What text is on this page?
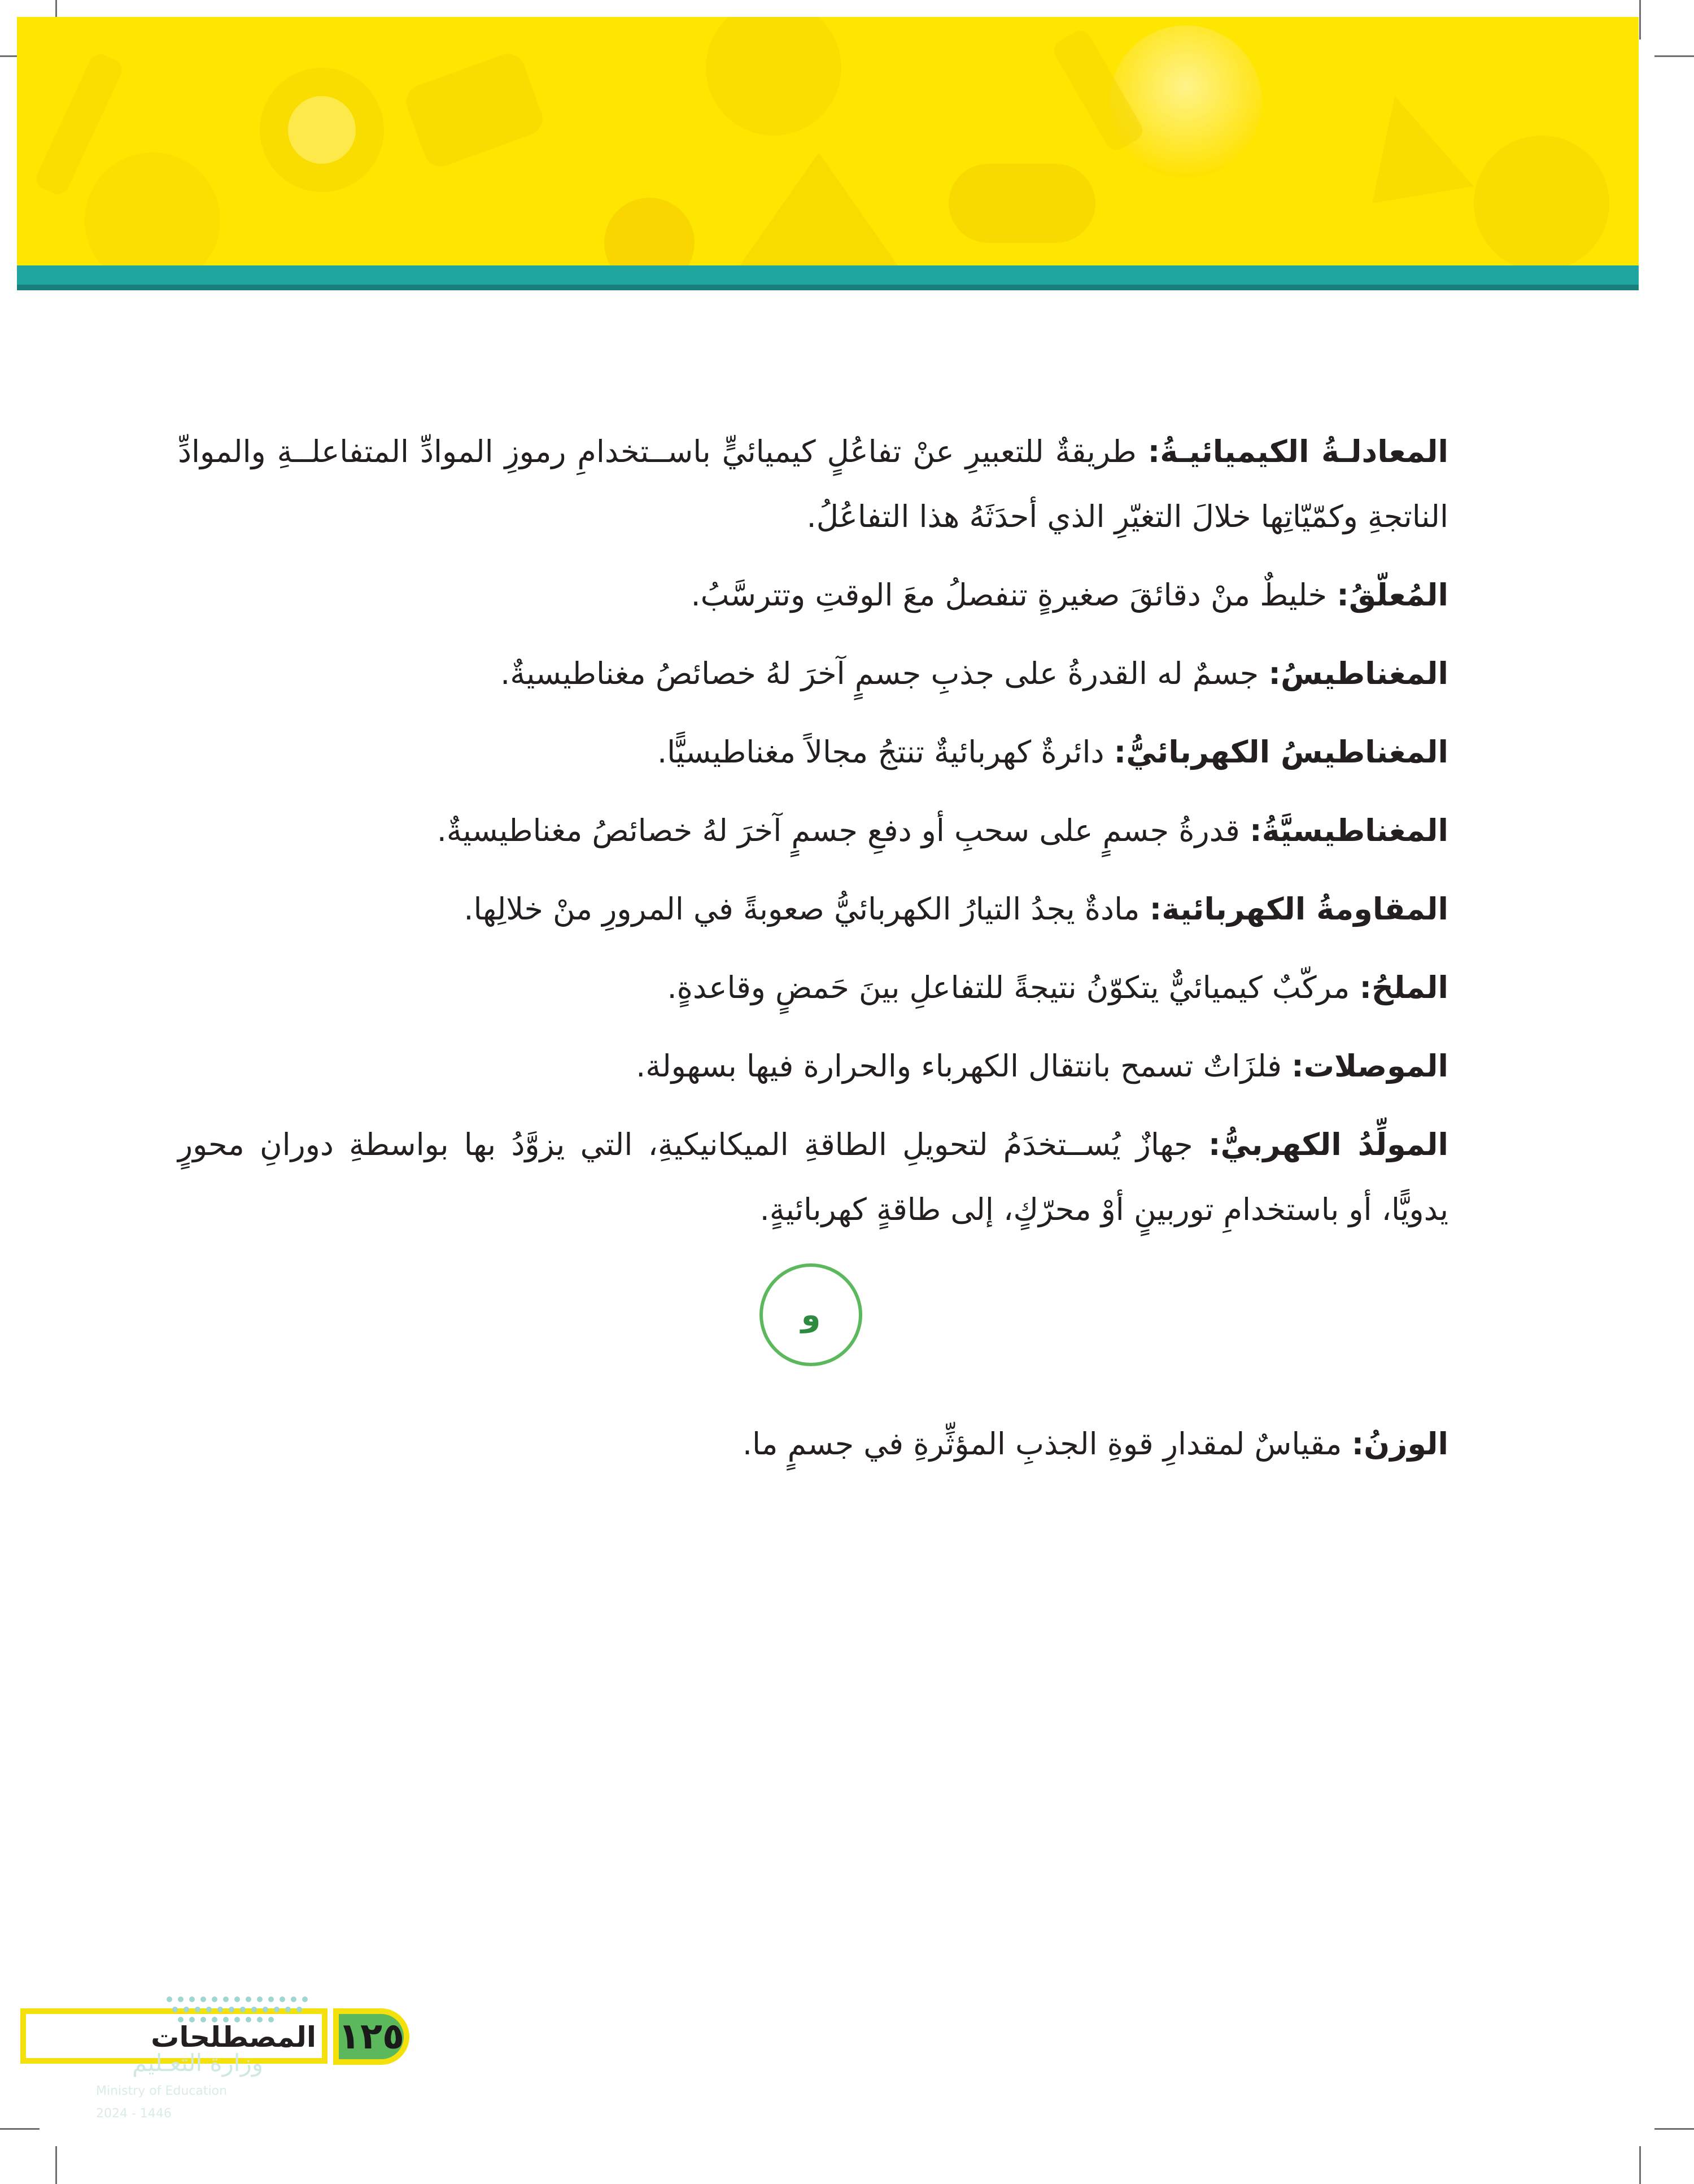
المعادلـةُ الكيميائيـةُ: طريقةٌ للتعبيرِ عنْ تفاعُلٍ كيميائيٍّ باســتخدامِ رموزِ الموادِّ المتفاعلــةِ والموادِّ الناتجةِ وكمّيّاتِها خلالَ التغيّرِ الذي أحدَثَهُ هذا التفاعُلُ.

المُعلّقُ: خليطٌ منْ دقائقَ صغيرةٍ تنفصلُ معَ الوقتِ وتترسَّبُ.

المغناطيسُ: جسمٌ له القدرةُ على جذبِ جسمٍ آخرَ لهُ خصائصُ مغناطيسيةٌ.

المغناطيسُ الكهربائيُّ: دائرةٌ كهربائيةٌ تنتجُ مجالاً مغناطيسيًّا.

المغناطيسيَّةُ: قدرةُ جسمٍ على سحبِ أو دفعِ جسمٍ آخرَ لهُ خصائصُ مغناطيسيةٌ.

المقاومةُ الكهربائية: مادةٌ يجدُ التيارُ الكهربائيُّ صعوبةً في المرورِ منْ خلالِها.

الملحُ: مركّبٌ كيميائيٌّ يتكوّنُ نتيجةً للتفاعلِ بينَ حَمضٍ وقاعدةٍ.

الموصلات: فلزَاتٌ تسمح بانتقال الكهرباء والحرارة فيها بسهولة.

المولِّدُ الكهربيُّ: جهازٌ يُســتخدَمُ لتحويلِ الطاقةِ الميكانيكيةِ، التي يزوَّدُ بها بواسطةِ دورانِ محورٍ يدويًّا، أو باستخدامِ توربينٍ أوْ محرّكٍ، إلى طاقةٍ كهربائيةٍ.

و

الوزنُ: مقياسٌ لمقدارِ قوةِ الجذبِ المؤثِّرةِ في جسمٍ ما.

المصطلحات ١٢٥
وزارة التعـليم
Ministry of Education
2024 - 1446
